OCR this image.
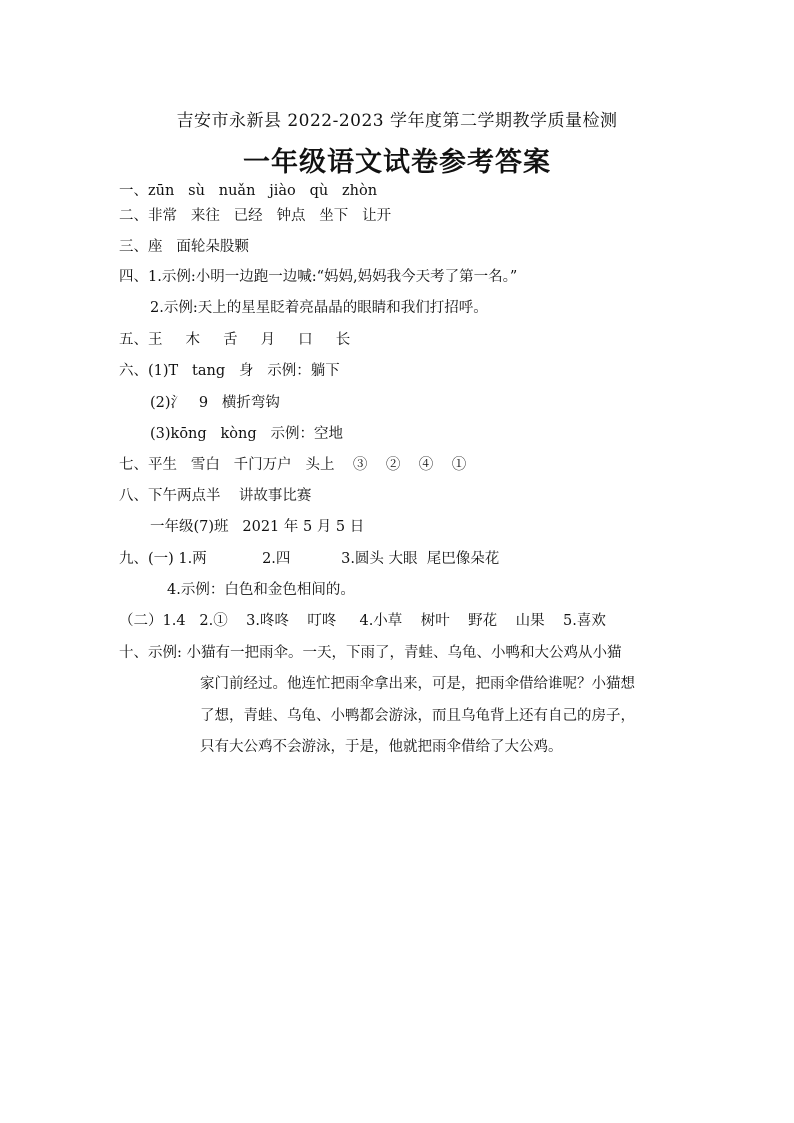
吉安市永新县 2022-2023 学年度第二学期教学质量检测
一年级语文试卷参考答案
一、zūn   sù   nuǎn   jiào   qù   zhòn
二、非常   来往   已经   钟点   坐下   让开
三、座   面轮朵股颗
四、1.示例:小明一边跑一边喊:“妈妈,妈妈我今天考了第一名。”
2.示例:天上的星星眨着亮晶晶的眼睛和我们打招呼。
五、王     木     舌     月     口     长
六、(1)T   tang   身   示例：躺下
(2)⺡   9   横折弯钩
(3)kōng   kòng   示例：空地
七、平生   雪白   千门万户   头上    ③    ②    ④    ①
八、下午两点半    讲故事比赛
一年级(7)班   2021 年 5 月 5 日
九、(一) 1.两            2.四           3.圆头 大眼  尾巴像朵花
4.示例：白色和金色相间的。
（二）1.4   2.①    3.咚咚    叮咚     4.小草    树叶    野花    山果    5.喜欢
十、示例: 小猫有一把雨伞。一天，下雨了，青蛙、乌龟、小鸭和大公鸡从小猫
家门前经过。他连忙把雨伞拿出来，可是，把雨伞借给谁呢？小猫想
了想，青蛙、乌龟、小鸭都会游泳，而且乌龟背上还有自己的房子，
只有大公鸡不会游泳，于是，他就把雨伞借给了大公鸡。
